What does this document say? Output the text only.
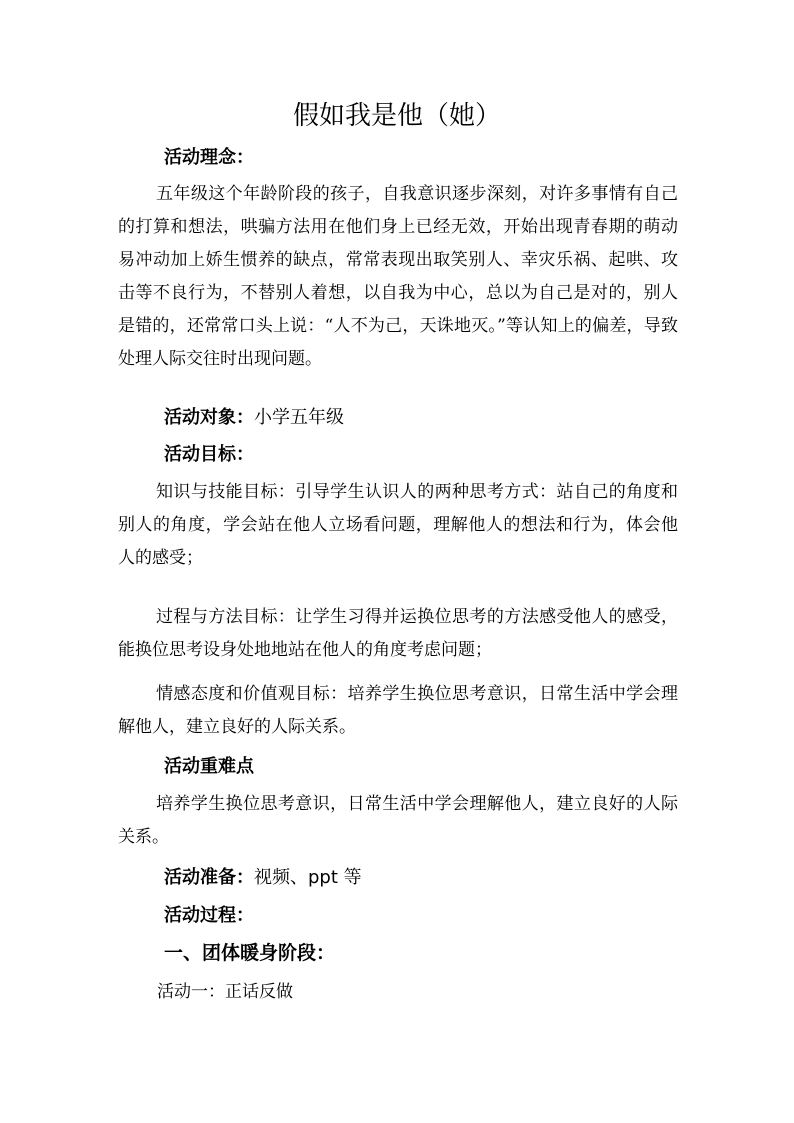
假如我是他（她）
活动理念：
五年级这个年龄阶段的孩子，自我意识逐步深刻，对许多事情有自己的打算和想法，哄骗方法用在他们身上已经无效，开始出现青春期的萌动易冲动加上娇生惯养的缺点，常常表现出取笑别人、幸灾乐祸、起哄、攻击等不良行为，不替别人着想，以自我为中心，总以为自己是对的，别人是错的，还常常口头上说：“人不为己，天诛地灭。”等认知上的偏差，导致处理人际交往时出现问题。
活动对象：小学五年级
活动目标：
知识与技能目标：引导学生认识人的两种思考方式：站自己的角度和别人的角度，学会站在他人立场看问题，理解他人的想法和行为，体会他人的感受；
过程与方法目标：让学生习得并运换位思考的方法感受他人的感受，能换位思考设身处地地站在他人的角度考虑问题；
情感态度和价值观目标：培养学生换位思考意识，日常生活中学会理解他人，建立良好的人际关系。
活动重难点
培养学生换位思考意识，日常生活中学会理解他人，建立良好的人际关系。
活动准备：视频、ppt 等
活动过程：
一、团体暖身阶段：
活动一：正话反做
